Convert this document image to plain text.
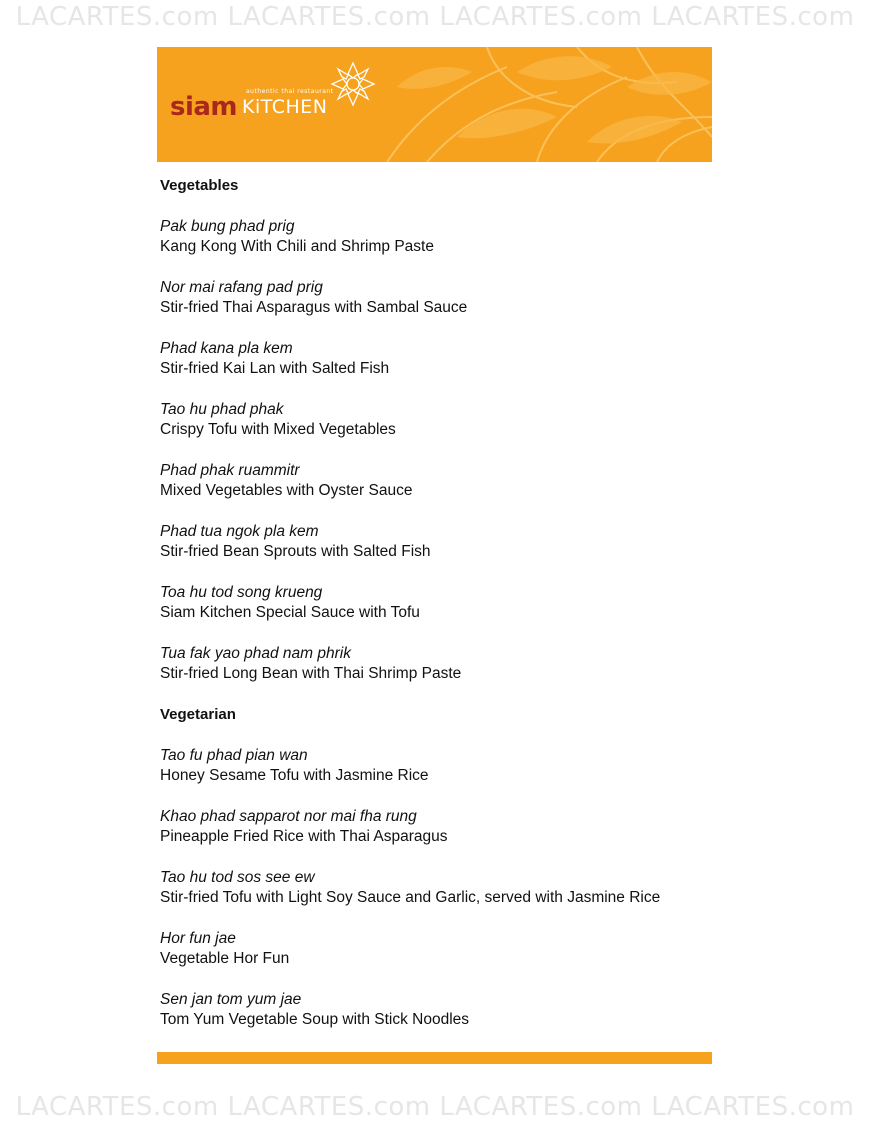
LACARTES.com LACARTES.com LACARTES.com LACARTES.com
authentic thai restaurant
siam KiTCHEN
Vegetables
Pak bung phad prig
Kang Kong With Chili and Shrimp Paste
Nor mai rafang pad prig
Stir-fried Thai Asparagus with Sambal Sauce
Phad kana pla kem
Stir-fried Kai Lan with Salted Fish
Tao hu phad phak
Crispy Tofu with Mixed Vegetables
Phad phak ruammitr
Mixed Vegetables with Oyster Sauce
Phad tua ngok pla kem
Stir-fried Bean Sprouts with Salted Fish
Toa hu tod song krueng
Siam Kitchen Special Sauce with Tofu
Tua fak yao phad nam phrik
Stir-fried Long Bean with Thai Shrimp Paste
Vegetarian
Tao fu phad pian wan
Honey Sesame Tofu with Jasmine Rice
Khao phad sapparot nor mai fha rung
Pineapple Fried Rice with Thai Asparagus
Tao hu tod sos see ew
Stir-fried Tofu with Light Soy Sauce and Garlic, served with Jasmine Rice
Hor fun jae
Vegetable Hor Fun
Sen jan tom yum jae
Tom Yum Vegetable Soup with Stick Noodles
LACARTES.com LACARTES.com LACARTES.com LACARTES.com
